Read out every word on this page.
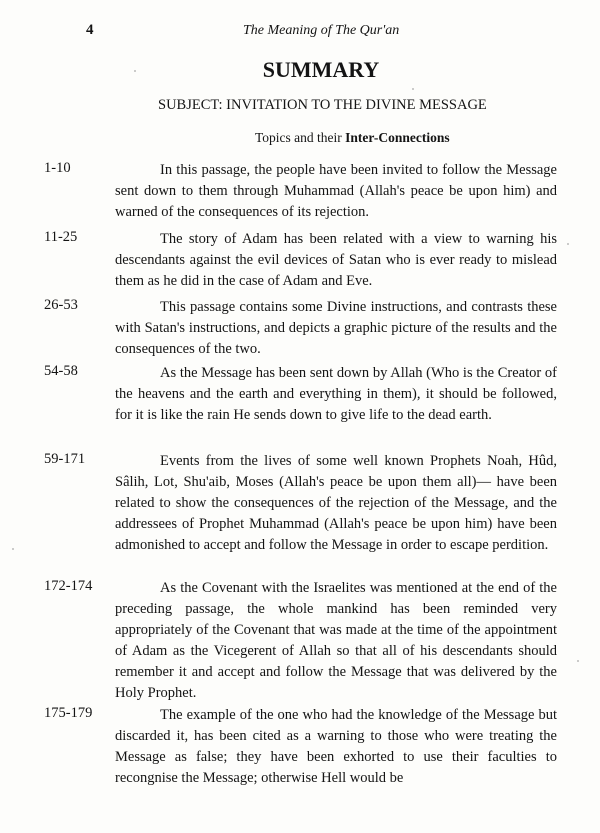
4	The Meaning of The Qur'an
SUMMARY
SUBJECT: INVITATION TO THE DIVINE MESSAGE
Topics and their Inter-Connections
1-10	In this passage, the people have been invited to follow the Message sent down to them through Muhammad (Allah's peace be upon him) and warned of the consequences of its rejection.

11-25	The story of Adam has been related with a view to warning his descendants against the evil devices of Satan who is ever ready to mislead them as he did in the case of Adam and Eve.

26-53	This passage contains some Divine instructions, and contrasts these with Satan's instructions, and depicts a graphic picture of the results and the consequences of the two.

54-58	As the Message has been sent down by Allah (Who is the Creator of the heavens and the earth and everything in them), it should be followed, for it is like the rain He sends down to give life to the dead earth.

59-171	Events from the lives of some well known Prophets Noah, Hûd, Sâlih, Lot, Shu'aib, Moses (Allah's peace be upon them all)— have been related to show the consequences of the rejection of the Message, and the addressees of Prophet Muhammad (Allah's peace be upon him) have been admonished to accept and follow the Message in order to escape perdition.

172-174	As the Covenant with the Israelites was mentioned at the end of the preceding passage, the whole mankind has been reminded very appropriately of the Covenant that was made at the time of the appointment of Adam as the Vicegerent of Allah so that all of his descendants should remember it and accept and follow the Message that was delivered by the Holy Prophet.

175-179	The example of the one who had the knowledge of the Message but discarded it, has been cited as a warning to those who were treating the Message as false; they have been exhorted to use their faculties to recongnise the Message; otherwise Hell would be
